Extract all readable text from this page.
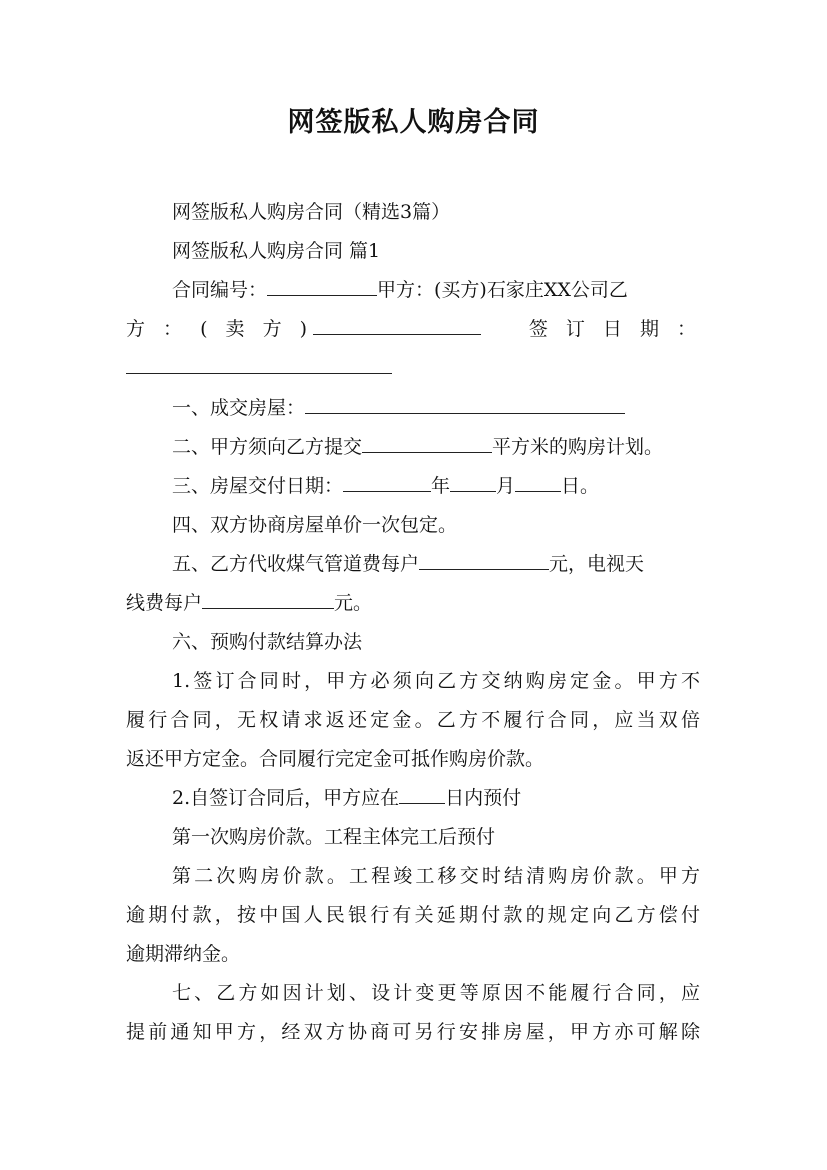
网签版私人购房合同
网签版私人购房合同（精选3篇）
网签版私人购房合同 篇1
合同编号：	甲方：(买方)石家庄XX公司乙
方 ： ( 卖 方 )	签 订 日 期 ：
一、成交房屋：
二、甲方须向乙方提交	平方米的购房计划。
三、房屋交付日期：	年 月 日。
四、双方协商房屋单价一次包定。
五、乙方代收煤气管道费每户	元，电视天
线费每户	元。
六、预购付款结算办法
1.签订合同时，甲方必须向乙方交纳购房定金。甲方不
履行合同，无权请求返还定金。乙方不履行合同，应当双倍
返还甲方定金。合同履行完定金可抵作购房价款。
2.自签订合同后，甲方应在 日内预付
第一次购房价款。工程主体完工后预付
第二次购房价款。工程竣工移交时结清购房价款。甲方
逾期付款，按中国人民银行有关延期付款的规定向乙方偿付
逾期滞纳金。
七、乙方如因计划、设计变更等原因不能履行合同，应
提前通知甲方，经双方协商可另行安排房屋，甲方亦可解除
